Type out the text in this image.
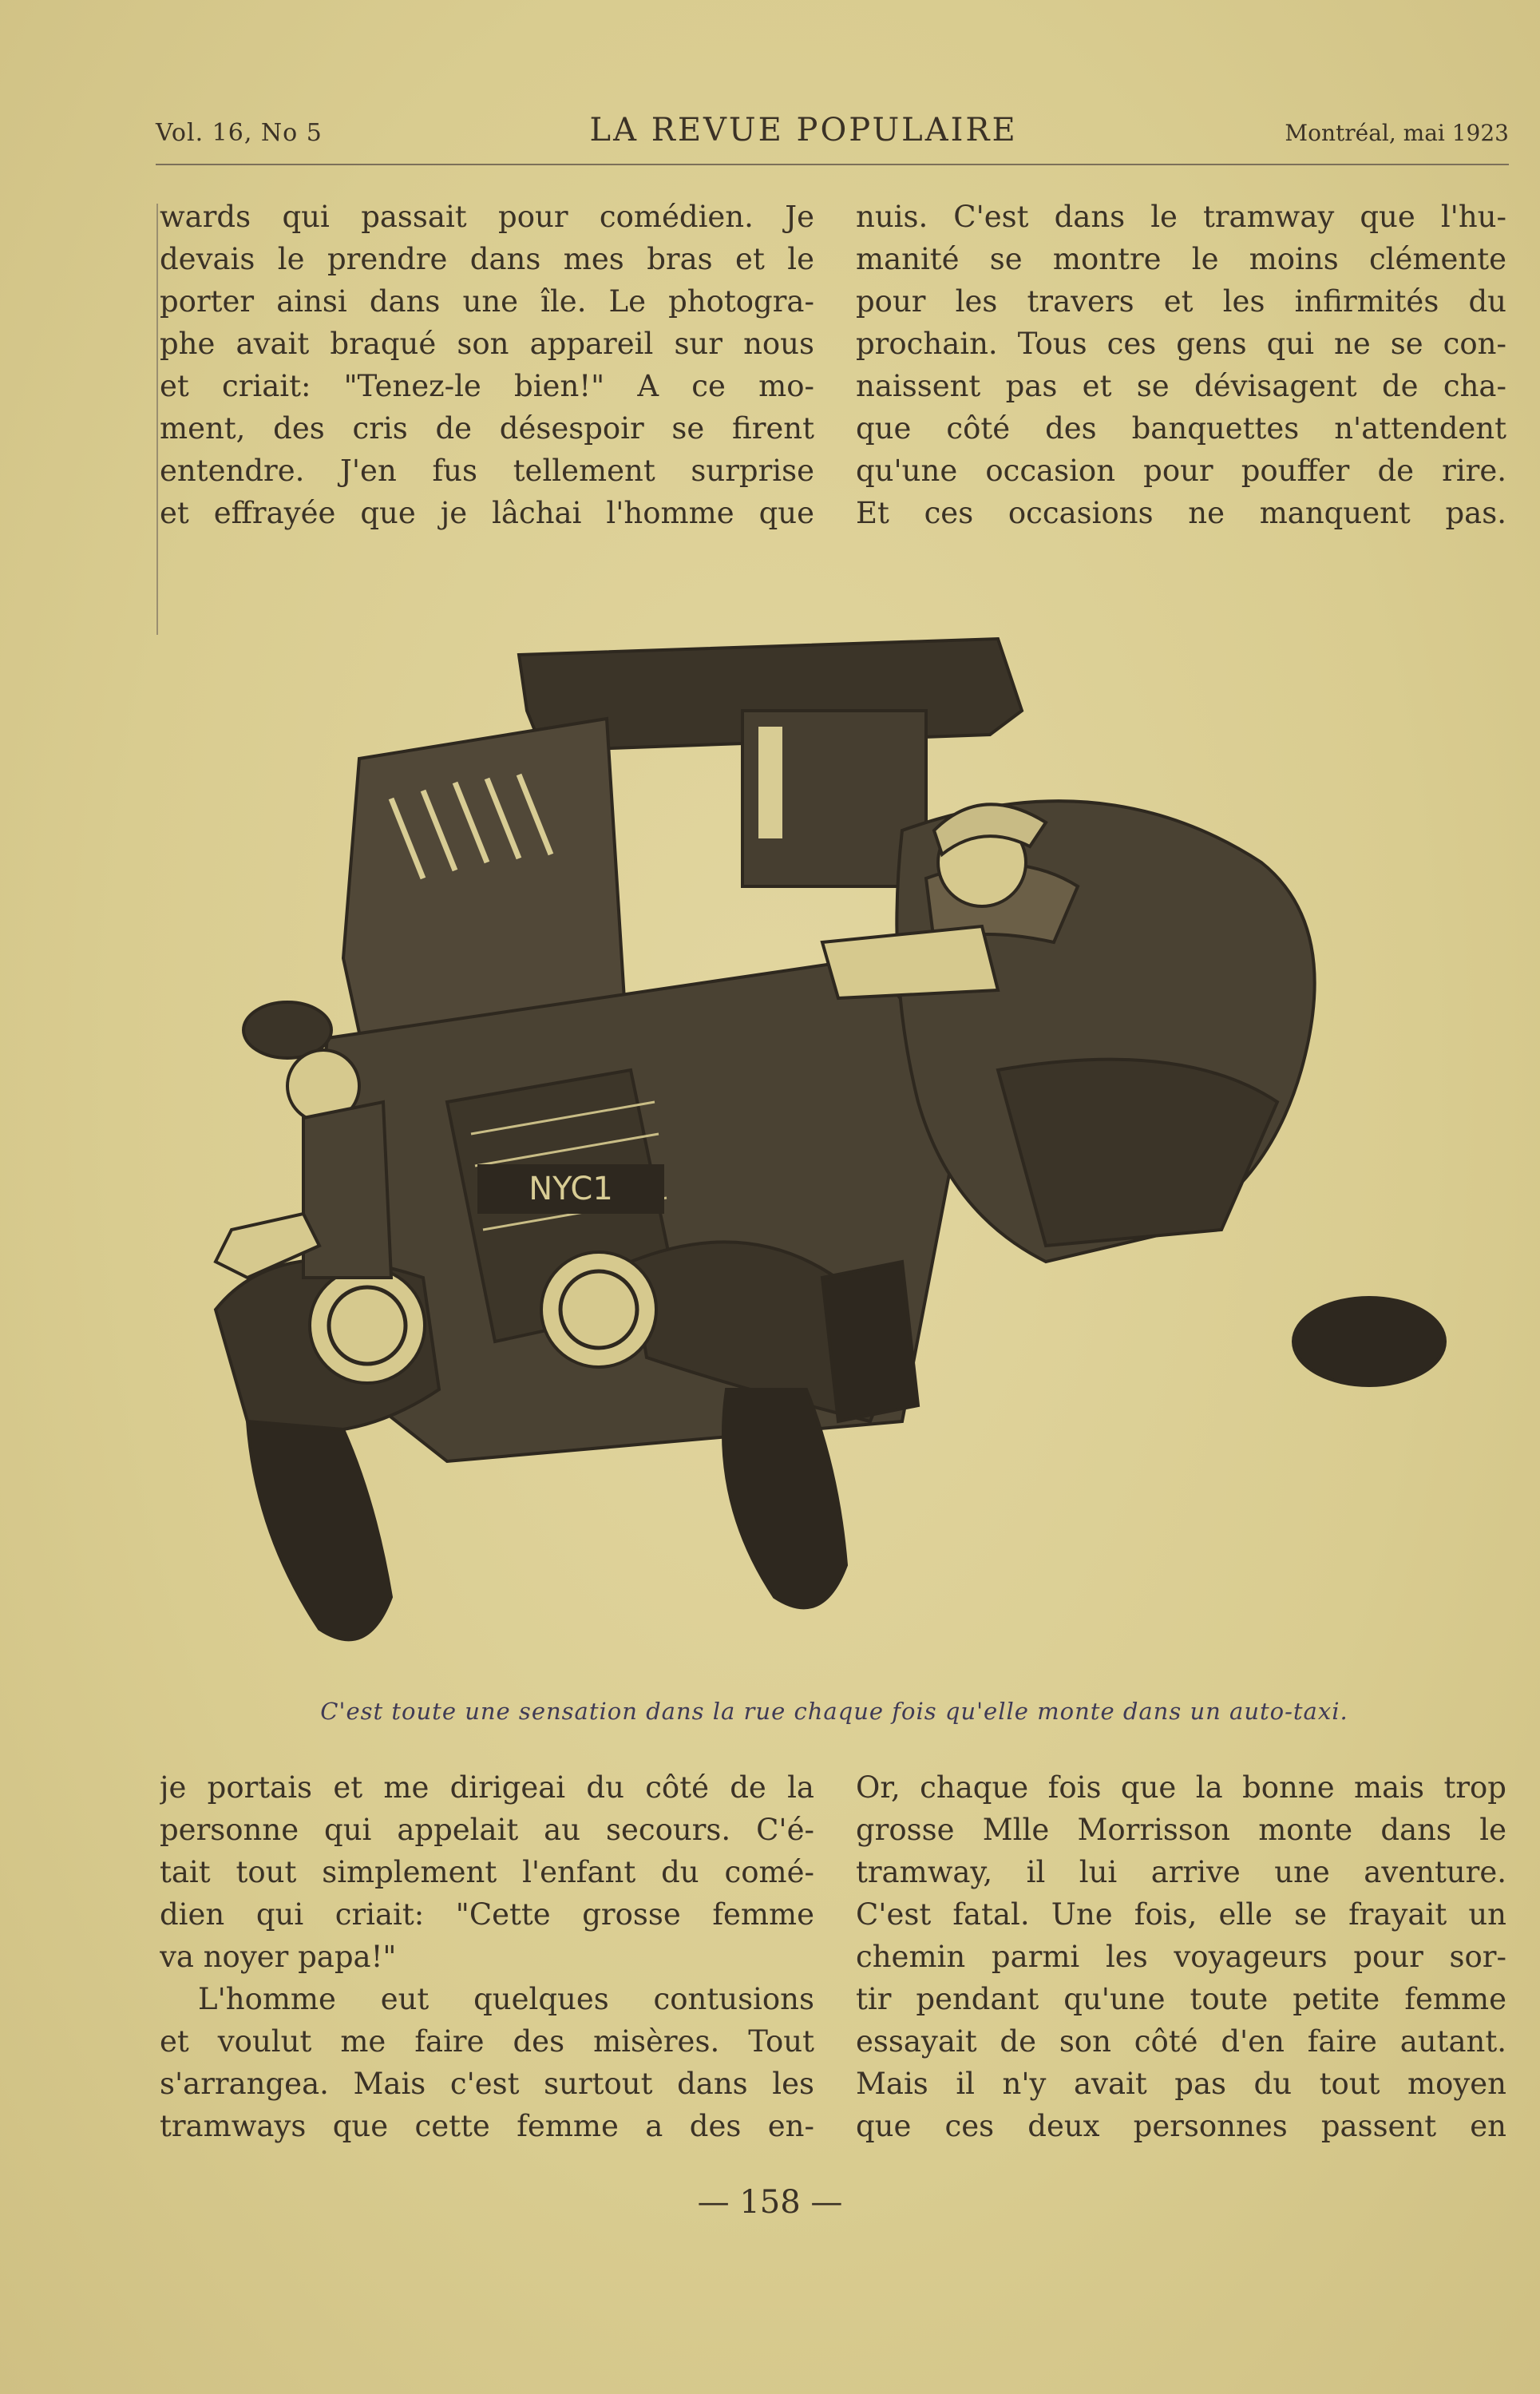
Vol. 16, No 5	LA REVUE POPULAIRE	Montréal, mai 1923
wards qui passait pour comédien. Je
devais le prendre dans mes bras et le
porter ainsi dans une île. Le photogra-
phe avait braqué son appareil sur nous
et criait: "Tenez-le bien!" A ce mo-
ment, des cris de désespoir se firent
entendre. J'en fus tellement surprise
et effrayée que je lâchai l'homme que
nuis. C'est dans le tramway que l'hu-
manité se montre le moins clémente
pour les travers et les infirmités du
prochain. Tous ces gens qui ne se con-
naissent pas et se dévisagent de cha-
que côté des banquettes n'attendent
qu'une occasion pour pouffer de rire.
Et ces occasions ne manquent pas.
NYC1
C'est toute une sensation dans la rue chaque fois qu'elle monte dans un auto-taxi.
je portais et me dirigeai du côté de la
personne qui appelait au secours. C'é-
tait tout simplement l'enfant du comé-
dien qui criait: "Cette grosse femme
va noyer papa!"
L'homme eut quelques contusions
et voulut me faire des misères. Tout
s'arrangea. Mais c'est surtout dans les
tramways que cette femme a des en-
Or, chaque fois que la bonne mais trop
grosse Mlle Morrisson monte dans le
tramway, il lui arrive une aventure.
C'est fatal. Une fois, elle se frayait un
chemin parmi les voyageurs pour sor-
tir pendant qu'une toute petite femme
essayait de son côté d'en faire autant.
Mais il n'y avait pas du tout moyen
que ces deux personnes passent en
— 158 —
